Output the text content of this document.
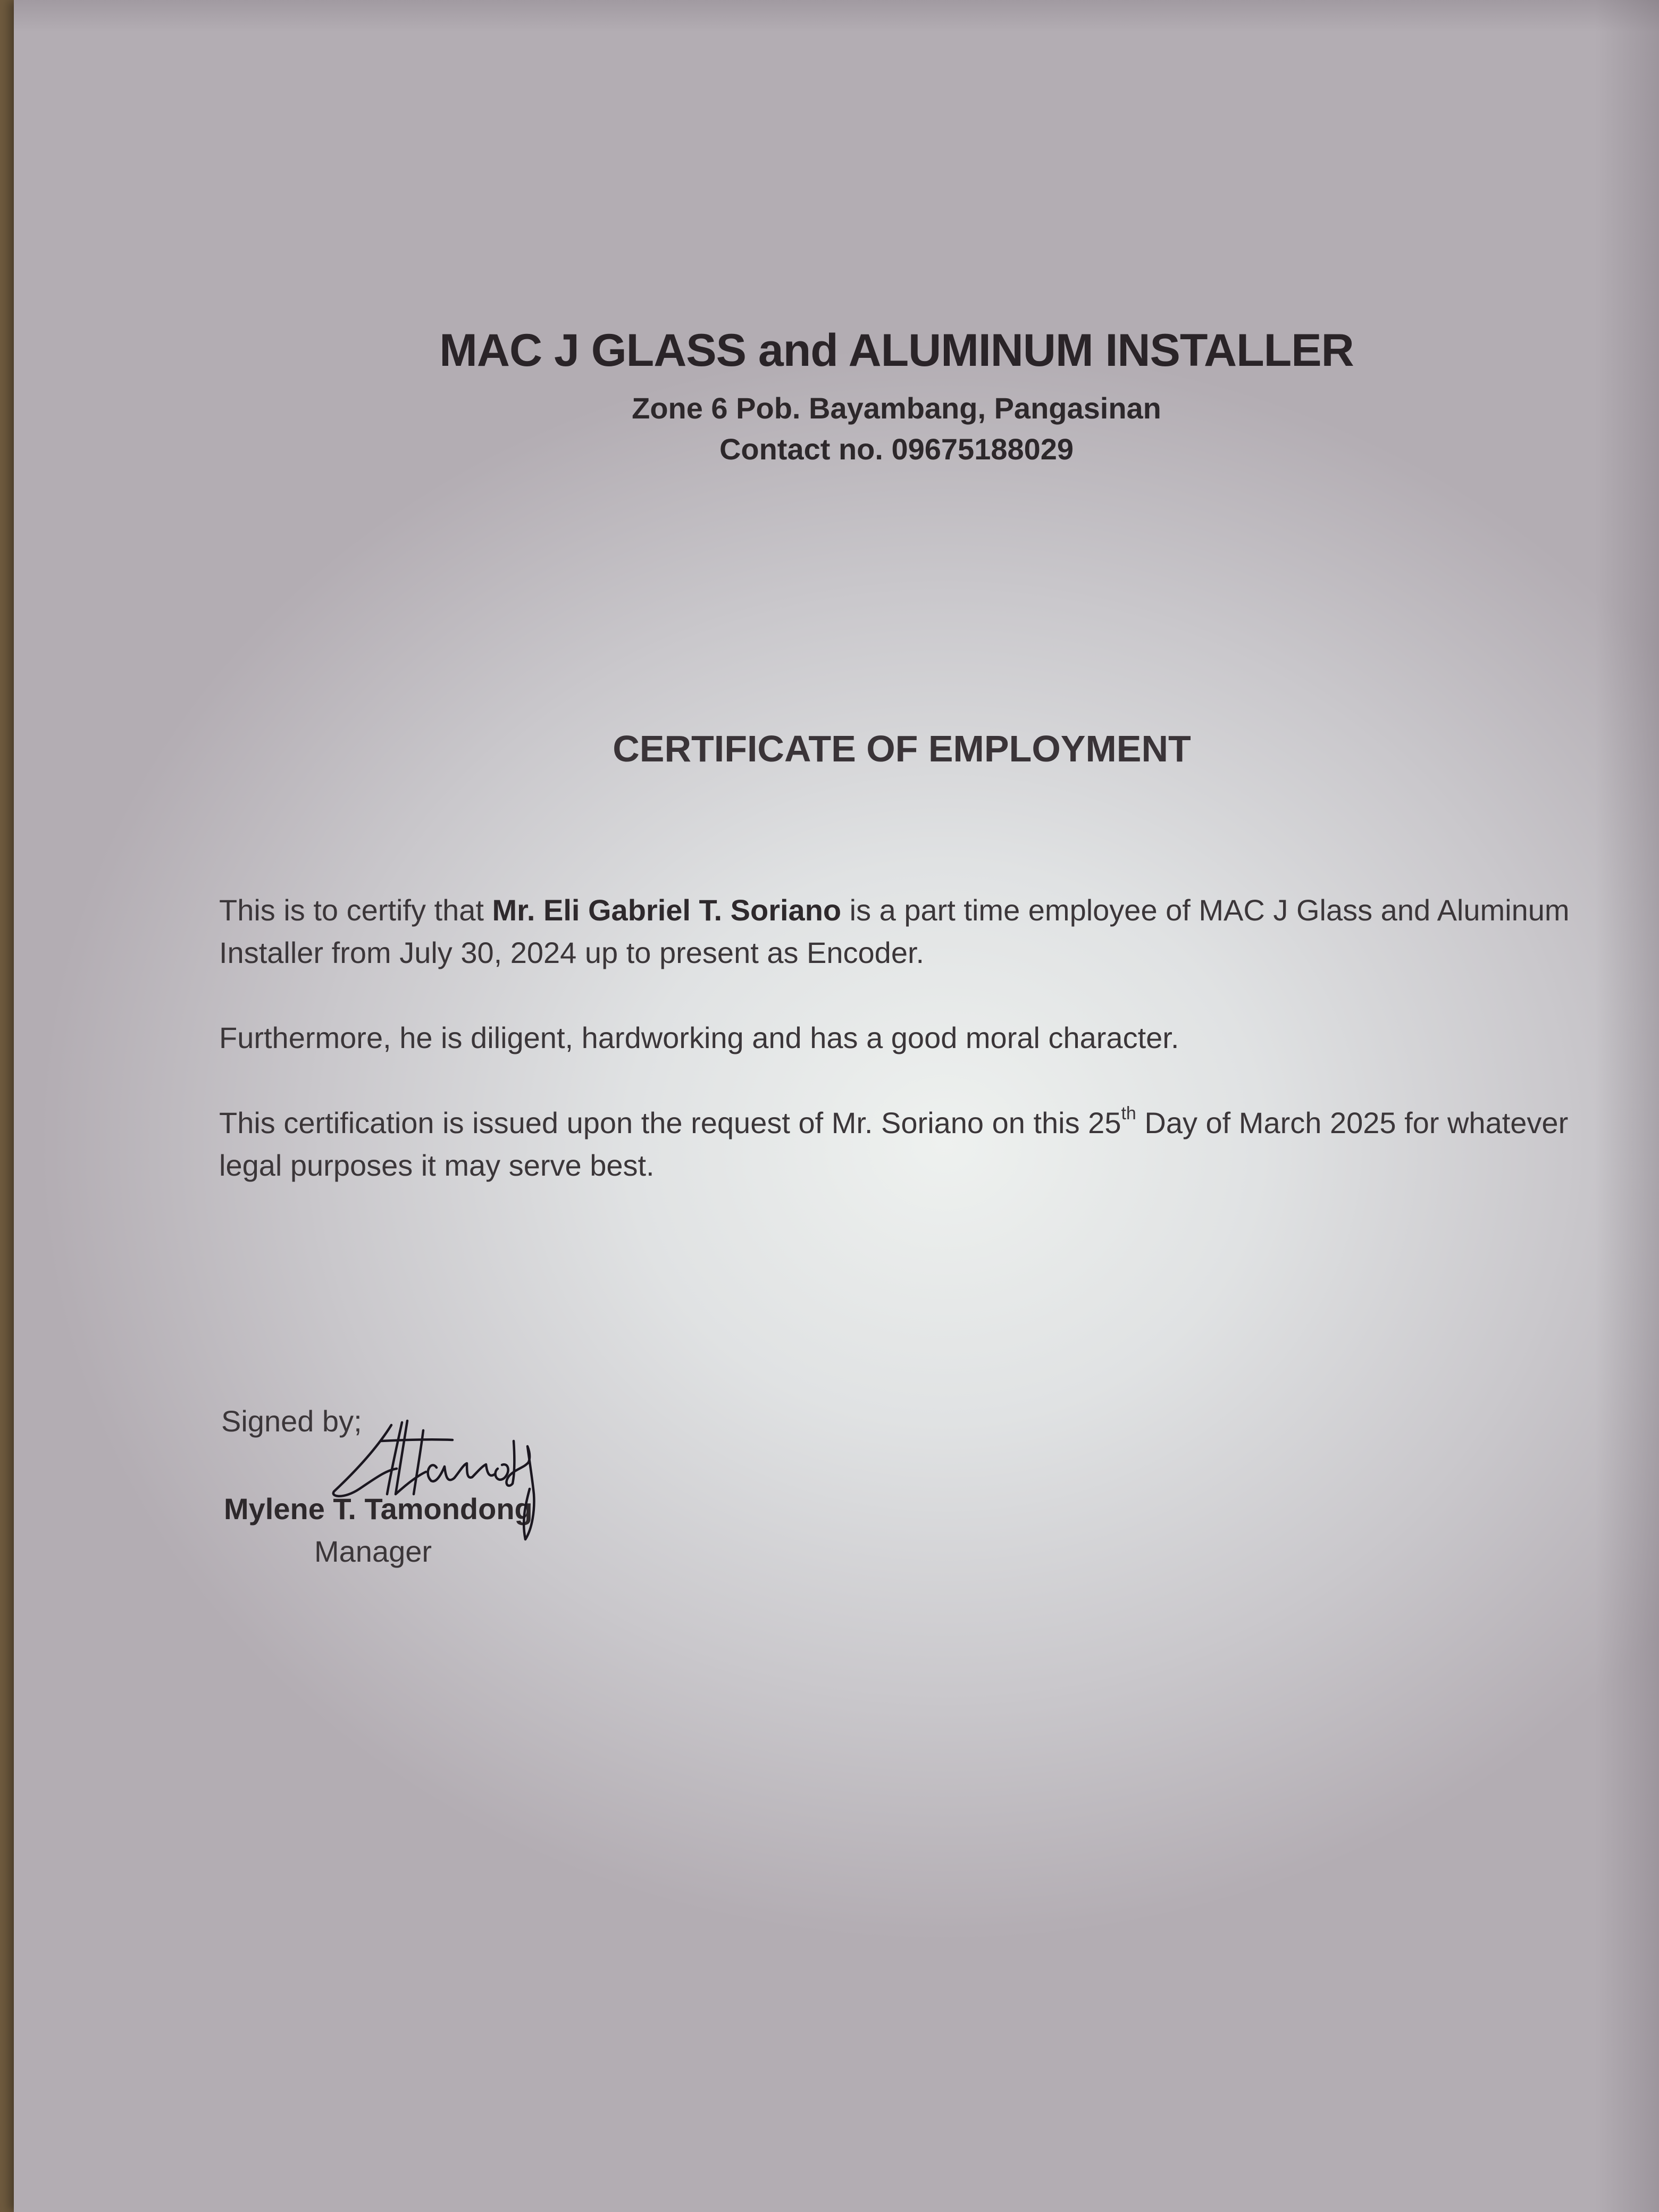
MAC J GLASS and ALUMINUM INSTALLER
Zone 6 Pob. Bayambang, Pangasinan
Contact no. 09675188029
CERTIFICATE OF EMPLOYMENT
This is to certify that Mr. Eli Gabriel T. Soriano is a part time employee of MAC J Glass and Aluminum Installer from July 30, 2024 up to present as Encoder.
Furthermore, he is diligent, hardworking and has a good moral character.
This certification is issued upon the request of Mr. Soriano on this 25th Day of March 2025 for whatever legal purposes it may serve best.
Signed by;
Mylene T. Tamondong
Manager
